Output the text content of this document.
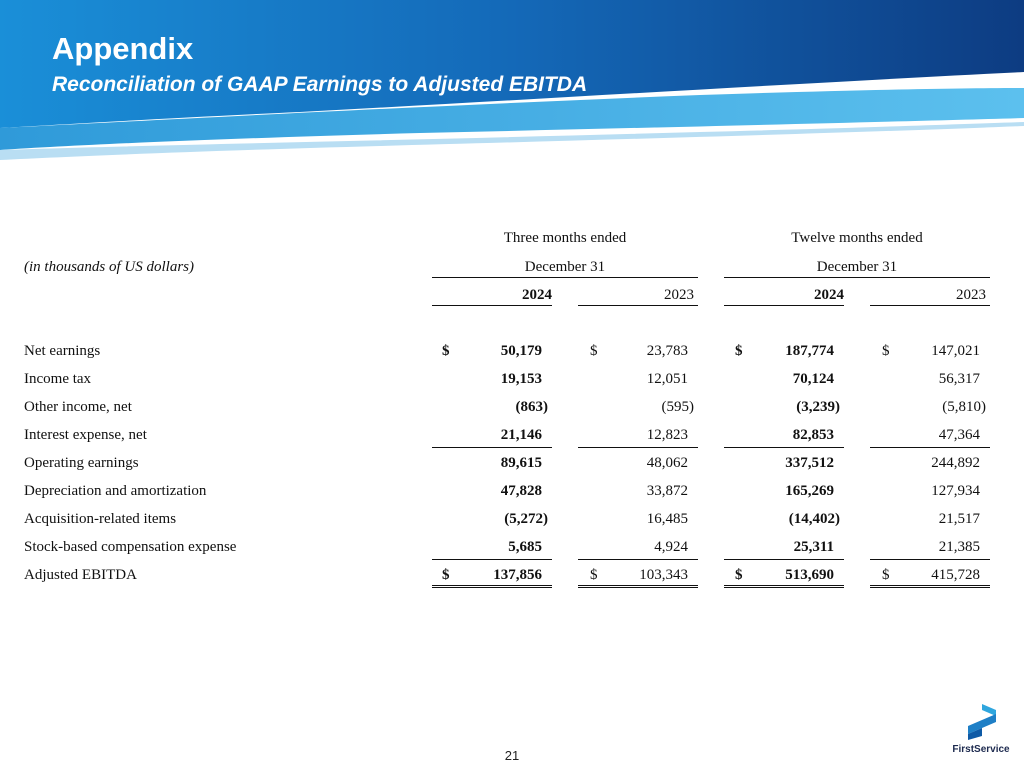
Appendix
Reconciliation of GAAP Earnings to Adjusted EBITDA
Three months ended	Twelve months ended
(in thousands of US dollars)	December 31	December 31
2024	2023	2024	2023
Net earnings	$	50,179	$	23,783	$	187,774	$	147,021
Income tax	19,153	12,051	70,124	56,317
Other income, net	(863)	(595)	(3,239)	(5,810)
Interest expense, net	21,146	12,823	82,853	47,364
Operating earnings	89,615	48,062	337,512	244,892
Depreciation and amortization	47,828	33,872	165,269	127,934
Acquisition-related items	(5,272)	16,485	(14,402)	21,517
Stock-based compensation expense	5,685	4,924	25,311	21,385
Adjusted EBITDA	$	137,856	$	103,343	$	513,690	$	415,728
21	FirstService
